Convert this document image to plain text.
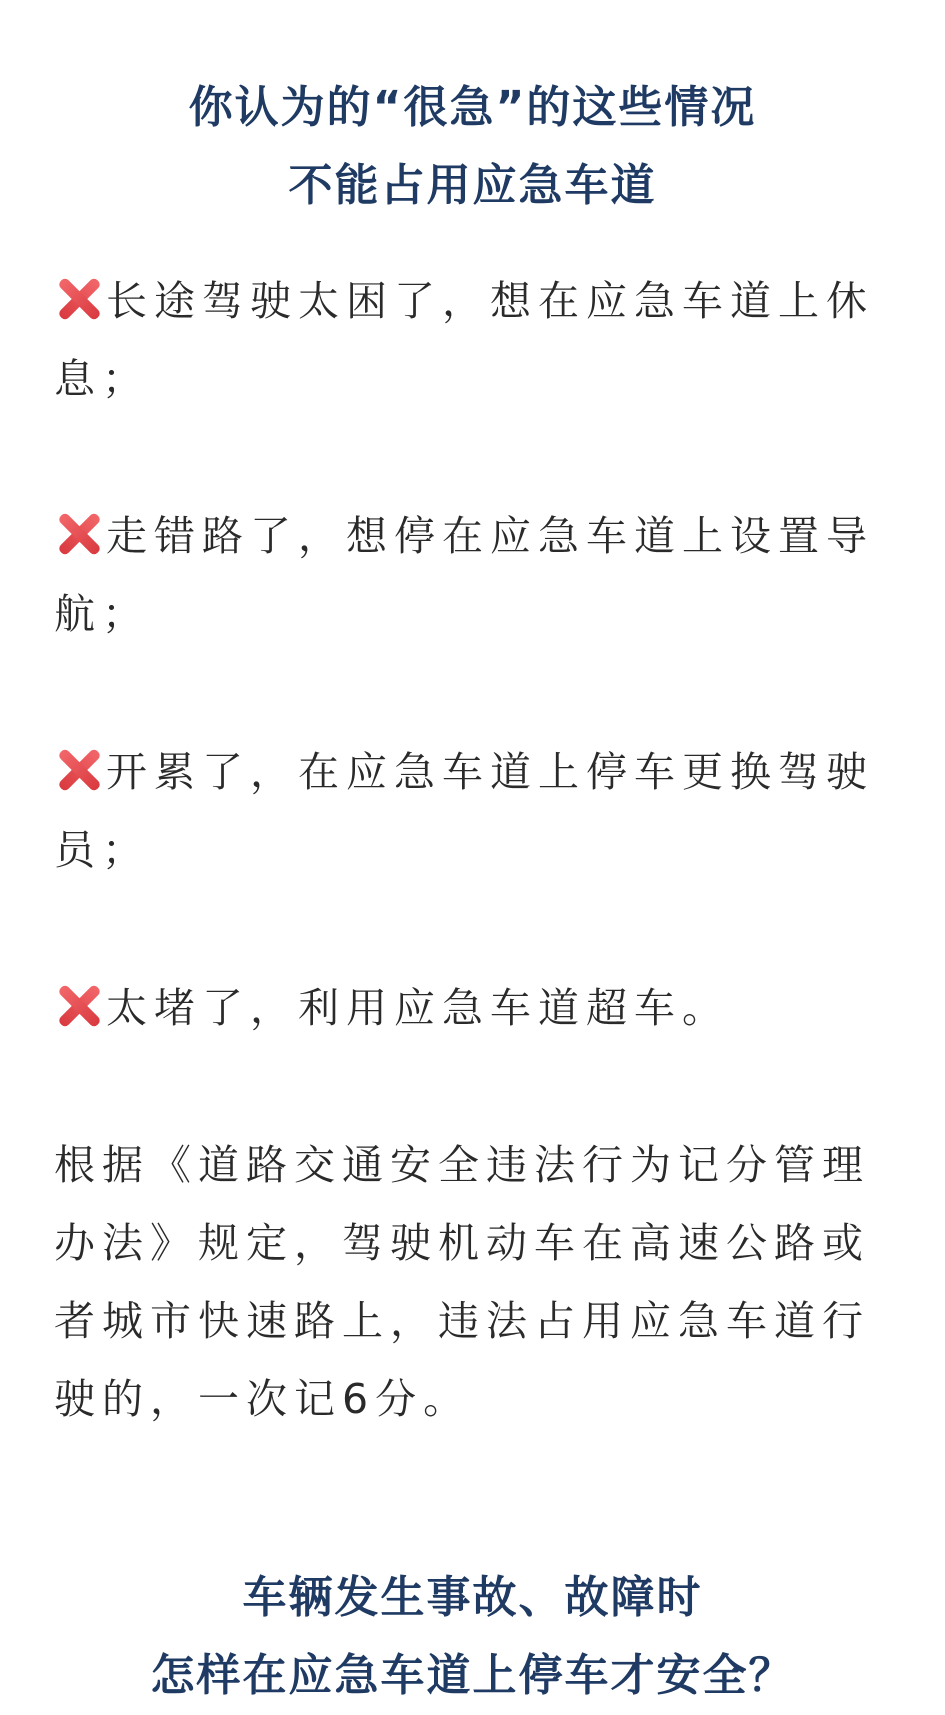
你认为的“很急”的这些情况
不能占用应急车道

长途驾驶太困了，想在应急车道上休息；

走错路了，想停在应急车道上设置导航；

开累了，在应急车道上停车更换驾驶员；

太堵了，利用应急车道超车。

根据《道路交通安全违法行为记分管理办法》规定，驾驶机动车在高速公路或者城市快速路上，违法占用应急车道行驶的，一次记6分。

车辆发生事故、故障时
怎样在应急车道上停车才安全？
